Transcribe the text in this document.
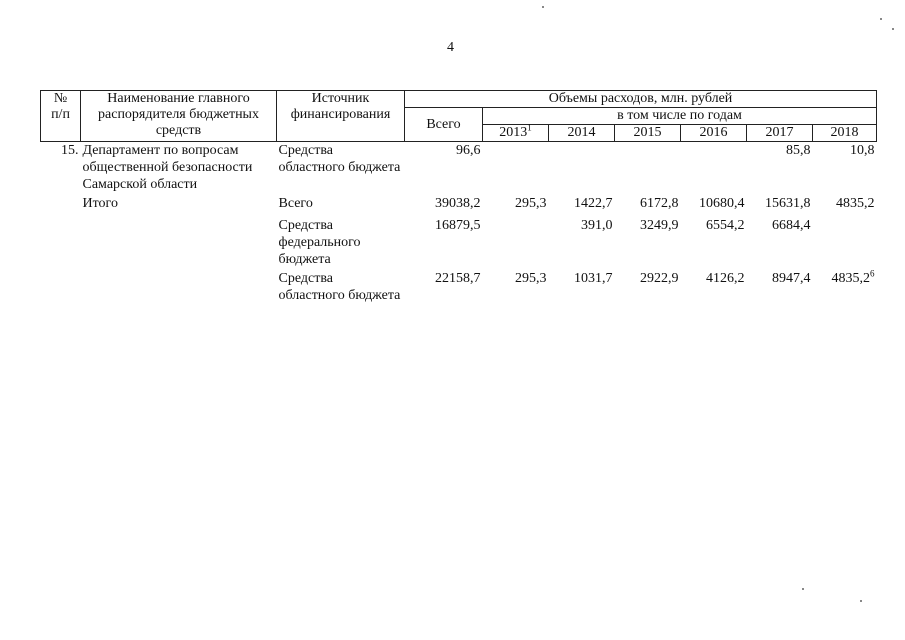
4
№
п/п	Наименование главного распорядителя бюджетных средств	Источник финансирования	Объемы расходов, млн. рублей						
			Всего	в том числе по годам					
				2013$^1$	2014	2015	2016	2017	2018
15.	Департамент по вопросам общественной безопасности Самарской области	Средства областного бюджета	96,6					85,8	10,8
	Итого	Всего	39038,2	295,3	1422,7	6172,8	10680,4	15631,8	4835,2
		Средства федерального бюджета	16879,5		391,0	3249,9	6554,2	6684,4	
		Средства областного бюджета	22158,7	295,3	1031,7	2922,9	4126,2	8947,4	4835,2$^6$
